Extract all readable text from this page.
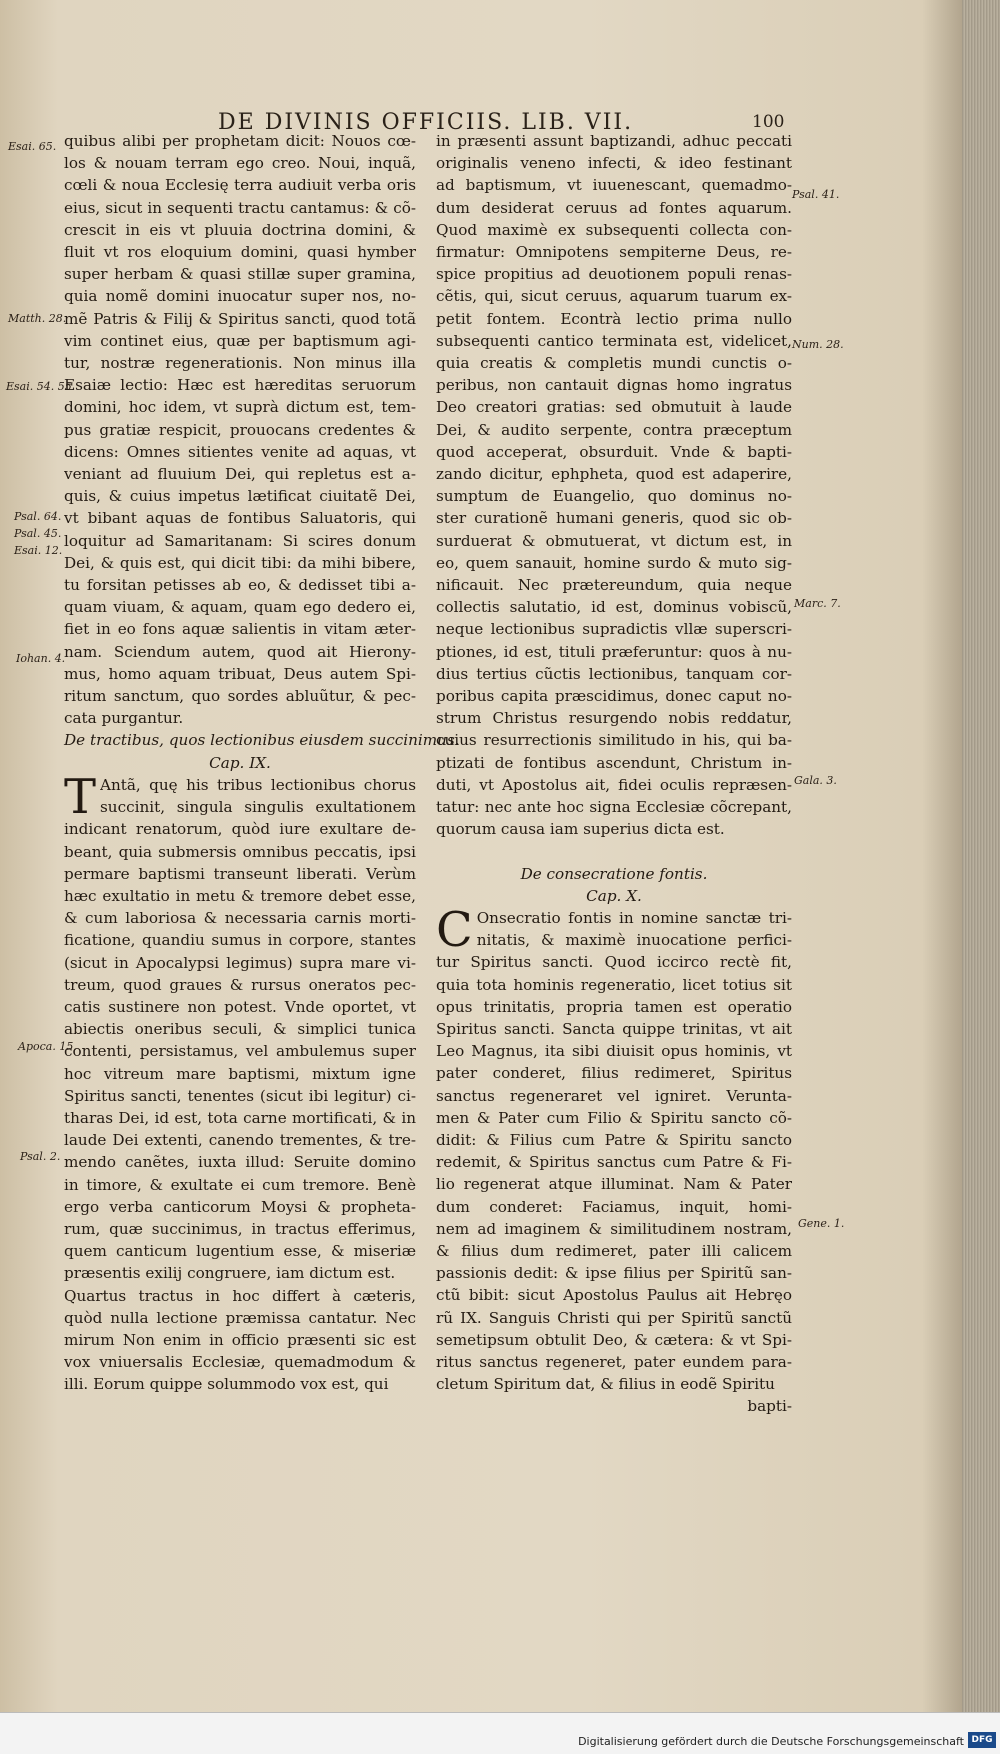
DE DIVINIS OFFICIIS. LIB. VII.	100
Esai. 65.
Matth. 28.
Esai. 54. 55.
Psal. 64.
Psal. 45.
Esai. 12.
Iohan. 4.
Apoca. 15.
Psal. 2.
Psal. 41.
Num. 28.
Marc. 7.
Gala. 3.
Gene. 1.
quibus alibi per prophetam dicit: Nouos cœ-
los & nouam terram ego creo. Noui, inquã,
cœli & noua Ecclesię terra audiuit verba oris
eius, sicut in sequenti tractu cantamus: & cõ-
crescit in eis vt pluuia doctrina domini, &
fluit vt ros eloquium domini, quasi hymber
super herbam & quasi stillæ super gramina,
quia nomẽ domini inuocatur super nos, no-
mẽ Patris & Filij & Spiritus sancti, quod totã
vim continet eius, quæ per baptismum agi-
tur, nostræ regenerationis. Non minus illa
Esaiæ lectio: Hæc est hæreditas seruorum
domini, hoc idem, vt suprà dictum est, tem-
pus gratiæ respicit, prouocans credentes &
dicens: Omnes sitientes venite ad aquas, vt
veniant ad fluuium Dei, qui repletus est a-
quis, & cuius impetus lætificat ciuitatẽ Dei,
vt bibant aquas de fontibus Saluatoris, qui
loquitur ad Samaritanam: Si scires donum
Dei, & quis est, qui dicit tibi: da mihi bibere,
tu forsitan petisses ab eo, & dedisset tibi a-
quam viuam, & aquam, quam ego dedero ei,
fiet in eo fons aquæ salientis in vitam æter-
nam. Sciendum autem, quod ait Hierony-
mus, homo aquam tribuat, Deus autem Spi-
ritum sanctum, quo sordes abluũtur, & pec-
cata purgantur.
De tractibus, quos lectionibus eiusdem succinimus.
Cap. IX.
T Antã, quę his tribus lectionibus chorus
succinit, singula singulis exultationem
indicant renatorum, quòd iure exultare de-
beant, quia submersis omnibus peccatis, ipsi
permare baptismi transeunt liberati. Verùm
hæc exultatio in metu & tremore debet esse,
& cum laboriosa & necessaria carnis morti-
ficatione, quandiu sumus in corpore, stantes
(sicut in Apocalypsi legimus) supra mare vi-
treum, quod graues & rursus oneratos pec-
catis sustinere non potest. Vnde oportet, vt
abiectis oneribus seculi, & simplici tunica
contenti, persistamus, vel ambulemus super
hoc vitreum mare baptismi, mixtum igne
Spiritus sancti, tenentes (sicut ibi legitur) ci-
tharas Dei, id est, tota carne mortificati, & in
laude Dei extenti, canendo trementes, & tre-
mendo canẽtes, iuxta illud: Seruite domino
in timore, & exultate ei cum tremore. Benè
ergo verba canticorum Moysi & propheta-
rum, quæ succinimus, in tractus efferimus,
quem canticum lugentium esse, & miseriæ
præsentis exilij congruere, iam dictum est.
Quartus tractus in hoc differt à cæteris,
quòd nulla lectione præmissa cantatur. Nec
mirum Non enim in officio præsenti sic est
vox vniuersalis Ecclesiæ, quemadmodum &
illi. Eorum quippe solummodo vox est, qui
in præsenti assunt baptizandi, adhuc peccati
originalis veneno infecti, & ideo festinant
ad baptismum, vt iuuenescant, quemadmo-
dum desiderat ceruus ad fontes aquarum.
Quod maximè ex subsequenti collecta con-
firmatur: Omnipotens sempiterne Deus, re-
spice propitius ad deuotionem populi renas-
cẽtis, qui, sicut ceruus, aquarum tuarum ex-
petit fontem. Econtrà lectio prima nullo
subsequenti cantico terminata est, videlicet,
quia creatis & completis mundi cunctis o-
peribus, non cantauit dignas homo ingratus
Deo creatori gratias: sed obmutuit à laude
Dei, & audito serpente, contra præceptum
quod acceperat, obsurduit. Vnde & bapti-
zando dicitur, ephpheta, quod est adaperire,
sumptum de Euangelio, quo dominus no-
ster curationẽ humani generis, quod sic ob-
surduerat & obmutuerat, vt dictum est, in
eo, quem sanauit, homine surdo & muto sig-
nificauit. Nec prætereundum, quia neque
collectis salutatio, id est, dominus vobiscũ,
neque lectionibus supradictis vllæ superscri-
ptiones, id est, tituli præferuntur: quos à nu-
dius tertius cũctis lectionibus, tanquam cor-
poribus capita præscidimus, donec caput no-
strum Christus resurgendo nobis reddatur,
cuius resurrectionis similitudo in his, qui ba-
ptizati de fontibus ascendunt, Christum in-
duti, vt Apostolus ait, fidei oculis repræsen-
tatur: nec ante hoc signa Ecclesiæ cõcrepant,
quorum causa iam superius dicta est.
De consecratione fontis.
Cap. X.
C Onsecratio fontis in nomine sanctæ tri-
nitatis, & maximè inuocatione perfici-
tur Spiritus sancti. Quod iccirco rectè fit,
quia tota hominis regeneratio, licet totius sit
opus trinitatis, propria tamen est operatio
Spiritus sancti. Sancta quippe trinitas, vt ait
Leo Magnus, ita sibi diuisit opus hominis, vt
pater conderet, filius redimeret, Spiritus
sanctus regeneraret vel igniret. Veruntа-
men & Pater cum Filio & Spiritu sancto cõ-
didit: & Filius cum Patre & Spiritu sancto
redemit, & Spiritus sanctus cum Patre & Fi-
lio regenerat atque illuminat. Nam & Pater
dum conderet: Faciamus, inquit, homi-
nem ad imaginem & similitudinem nostram,
& filius dum redimeret, pater illi calicem
passionis dedit: & ipse filius per Spiritũ san-
ctũ bibit: sicut Apostolus Paulus ait Hebręo
rũ IX. Sanguis Christi qui per Spiritũ sanctũ
semetipsum obtulit Deo, & cætera: & vt Spi-
ritus sanctus regeneret, pater eundem para-
cletum Spiritum dat, & filius in eodẽ Spiritu
bapti-
Digitalisierung gefördert durch die Deutsche Forschungsgemeinschaft DFG
